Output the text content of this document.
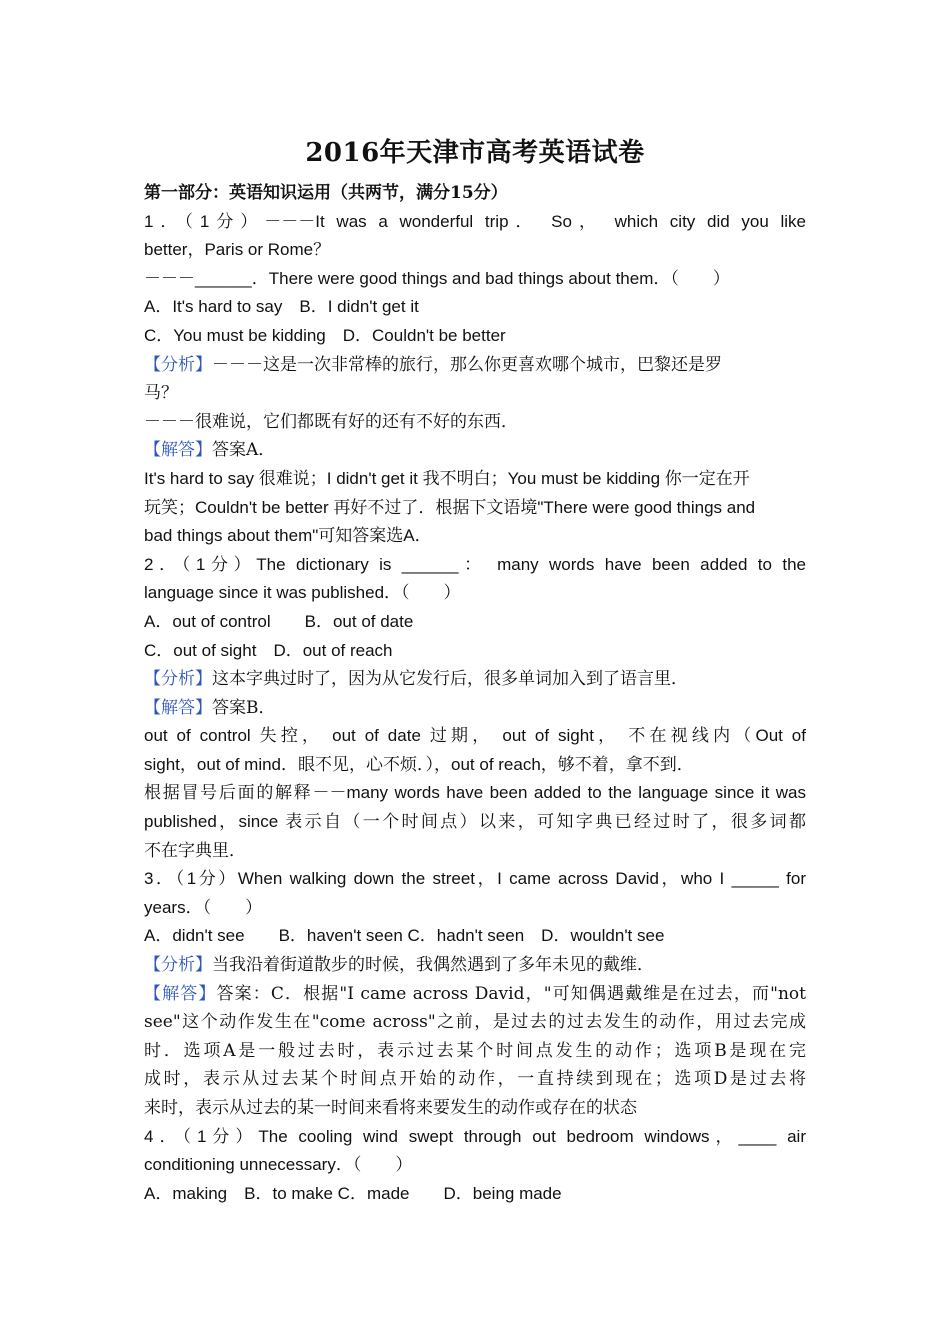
2016年天津市高考英语试卷
第一部分：英语知识运用（共两节，满分15分）
1．（1分）－－－It was a wonderful trip． So， which city did you like
better，Paris or Rome？
－－－______．There were good things and bad things about them．（　　）
A．It's hard to say　B．I didn't get it
C．You must be kidding　D．Couldn't be better
【分析】－－－这是一次非常棒的旅行，那么你更喜欢哪个城市，巴黎还是罗
马？
－－－很难说，它们都既有好的还有不好的东西．
【解答】答案A．
It's hard to say 很难说；I didn't get it 我不明白；You must be kidding 你一定在开
玩笑；Couldn't be better 再好不过了．根据下文语境"There were good things and
bad things about them"可知答案选A．
2．（1分）The dictionary is ______： many words have been added to the
language since it was published．（　　）
A．out of control　　B．out of date
C．out of sight　D．out of reach
【分析】这本字典过时了，因为从它发行后，很多单词加入到了语言里．
【解答】答案B．
out of control 失控， out of date 过期， out of sight， 不在视线内（Out of
sight，out of mind．眼不见，心不烦．），out of reach，够不着，拿不到．
根据冒号后面的解释－－many words have been added to the language since it was
published，since 表示自（一个时间点）以来，可知字典已经过时了，很多词都
不在字典里．
3．（1分）When walking down the street，I came across David，who I _____ for
years．（　　）
A．didn't see　　B．haven't seen C．hadn't seen　D．wouldn't see
【分析】当我沿着街道散步的时候，我偶然遇到了多年未见的戴维．
【解答】答案：C．根据"I came across David，"可知偶遇戴维是在过去，而"not
see"这个动作发生在"come across"之前，是过去的过去发生的动作，用过去完成
时．选项A是一般过去时，表示过去某个时间点发生的动作；选项B是现在完
成时，表示从过去某个时间点开始的动作，一直持续到现在；选项D是过去将
来时，表示从过去的某一时间来看将来要发生的动作或存在的状态
4．（1分）The cooling wind swept through out bedroom windows，____ air
conditioning unnecessary．（　　）
A．making　B．to make C．made　　D．being made
